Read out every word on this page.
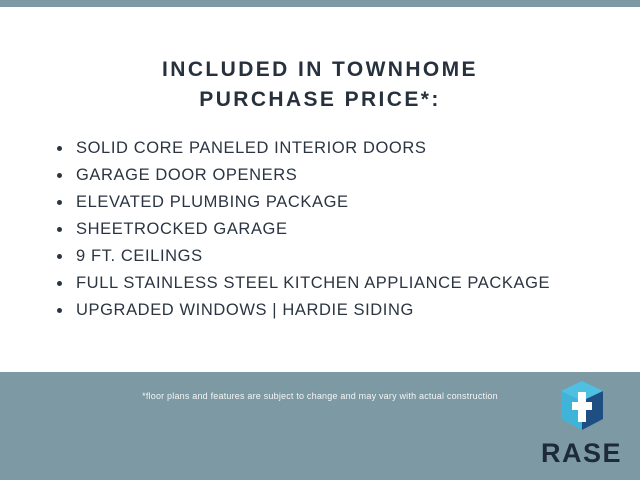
INCLUDED IN TOWNHOME
PURCHASE PRICE*:
SOLID CORE PANELED INTERIOR DOORS
GARAGE DOOR OPENERS
ELEVATED PLUMBING PACKAGE
SHEETROCKED GARAGE
9 FT. CEILINGS
FULL STAINLESS STEEL KITCHEN APPLIANCE PACKAGE
UPGRADED WINDOWS | HARDIE SIDING
*floor plans and features are subject to change and may vary with actual construction
RASE
